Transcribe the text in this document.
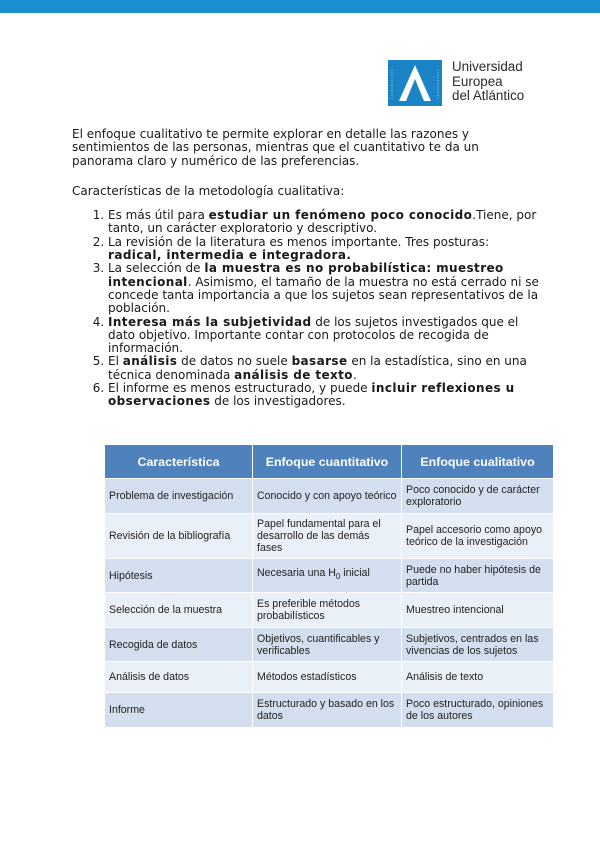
Universidad
Europea
del Atlántico

El enfoque cualitativo te permite explorar en detalle las razones y sentimientos de las personas, mientras que el cuantitativo te da un panorama claro y numérico de las preferencias.

Características de la metodología cualitativa:

1. Es más útil para estudiar un fenómeno poco conocido.Tiene, por tanto, un carácter exploratorio y descriptivo.
2. La revisión de la literatura es menos importante. Tres posturas: radical, intermedia e integradora.
3. La selección de la muestra es no probabilística: muestreo intencional. Asimismo, el tamaño de la muestra no está cerrado ni se concede tanta importancia a que los sujetos sean representativos de la población.
4. Interesa más la subjetividad de los sujetos investigados que el dato objetivo. Importante contar con protocolos de recogida de información.
5. El análisis de datos no suele basarse en la estadística, sino en una técnica denominada análisis de texto.
6. El informe es menos estructurado, y puede incluir reflexiones u observaciones de los investigadores.
Característica	Enfoque cuantitativo	Enfoque cualitativo
Problema de investigación	Conocido y con apoyo teórico	Poco conocido y de carácter exploratorio
Revisión de la bibliografía	Papel fundamental para el desarrollo de las demás fases	Papel accesorio como apoyo teórico de la investigación
Hipótesis	Necesaria una $H_0$ inicial	Puede no haber hipótesis de partida
Selección de la muestra	Es preferible métodos probabilísticos	Muestreo intencional
Recogida de datos	Objetivos, cuantificables y verificables	Subjetivos, centrados en las vivencias de los sujetos
Análisis de datos	Métodos estadísticos	Análisis de texto
Informe	Estructurado y basado en los datos	Poco estructurado, opiniones de los autores
